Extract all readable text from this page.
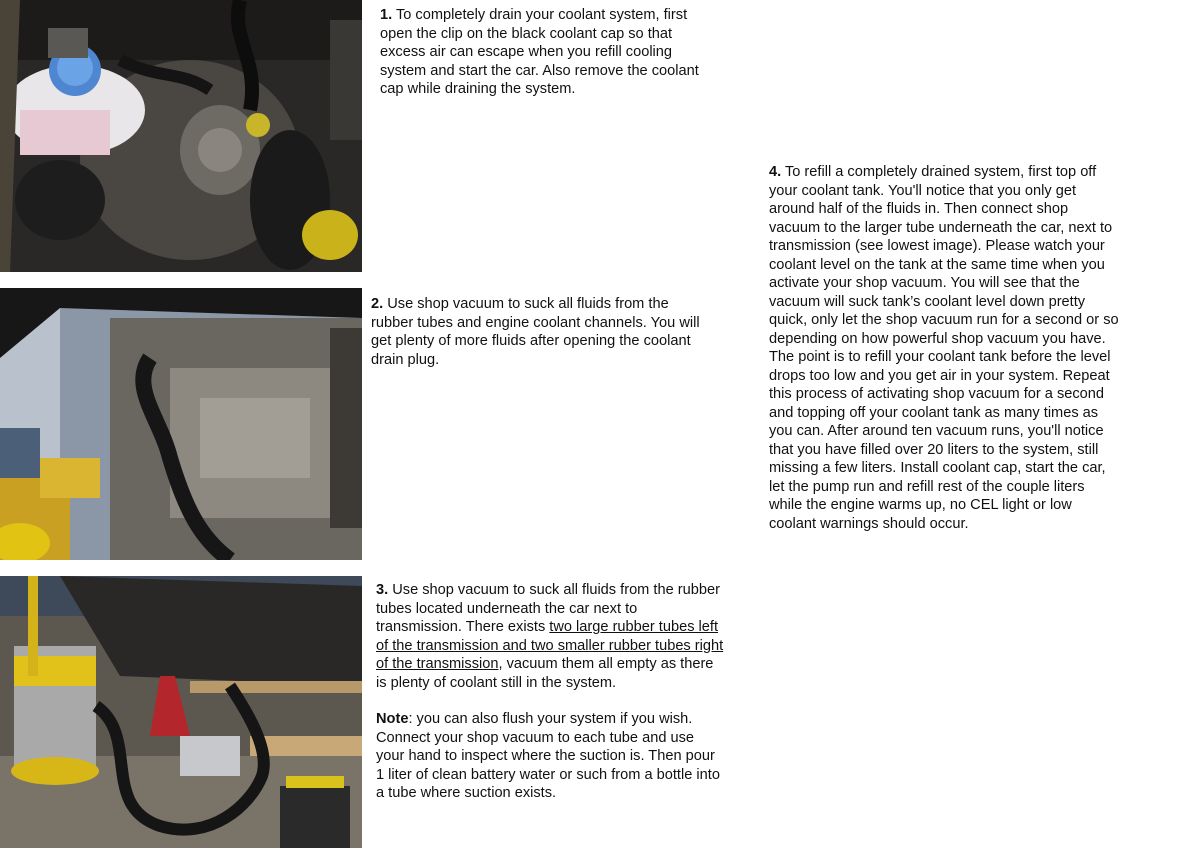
1. To completely drain your coolant system, first open the clip on the black coolant cap so that excess air can escape when you refill cooling system and start the car. Also remove the coolant cap while draining the system.

2. Use shop vacuum to suck all fluids from the rubber tubes and engine coolant channels. You will get plenty of more fluids after opening the coolant drain plug.

3. Use shop vacuum to suck all fluids from the rubber tubes located underneath the car next to transmission. There exists two large rubber tubes left of the transmission and two smaller rubber tubes right of the transmission, vacuum them all empty as there is plenty of coolant still in the system.

Note: you can also flush your system if you wish. Connect your shop vacuum to each tube and use your hand to inspect where the suction is. Then pour 1 liter of clean battery water or such from a bottle into a tube where suction exists.

4. To refill a completely drained system, first top off your coolant tank. You'll notice that you only get around half of the fluids in. Then connect shop vacuum to the larger tube underneath the car, next to transmission (see lowest image). Please watch your coolant level on the tank at the same time when you activate your shop vacuum. You will see that the vacuum will suck tank’s coolant level down pretty quick, only let the shop vacuum run for a second or so depending on how powerful shop vacuum you have. The point is to refill your coolant tank before the level drops too low and you get air in your system. Repeat this process of activating shop vacuum for a second and topping off your coolant tank as many times as you can. After around ten vacuum runs, you'll notice that you have filled over 20 liters to the system, still missing a few liters. Install coolant cap, start the car, let the pump run and refill rest of the couple liters while the engine warms up, no CEL light or low coolant warnings should occur.
